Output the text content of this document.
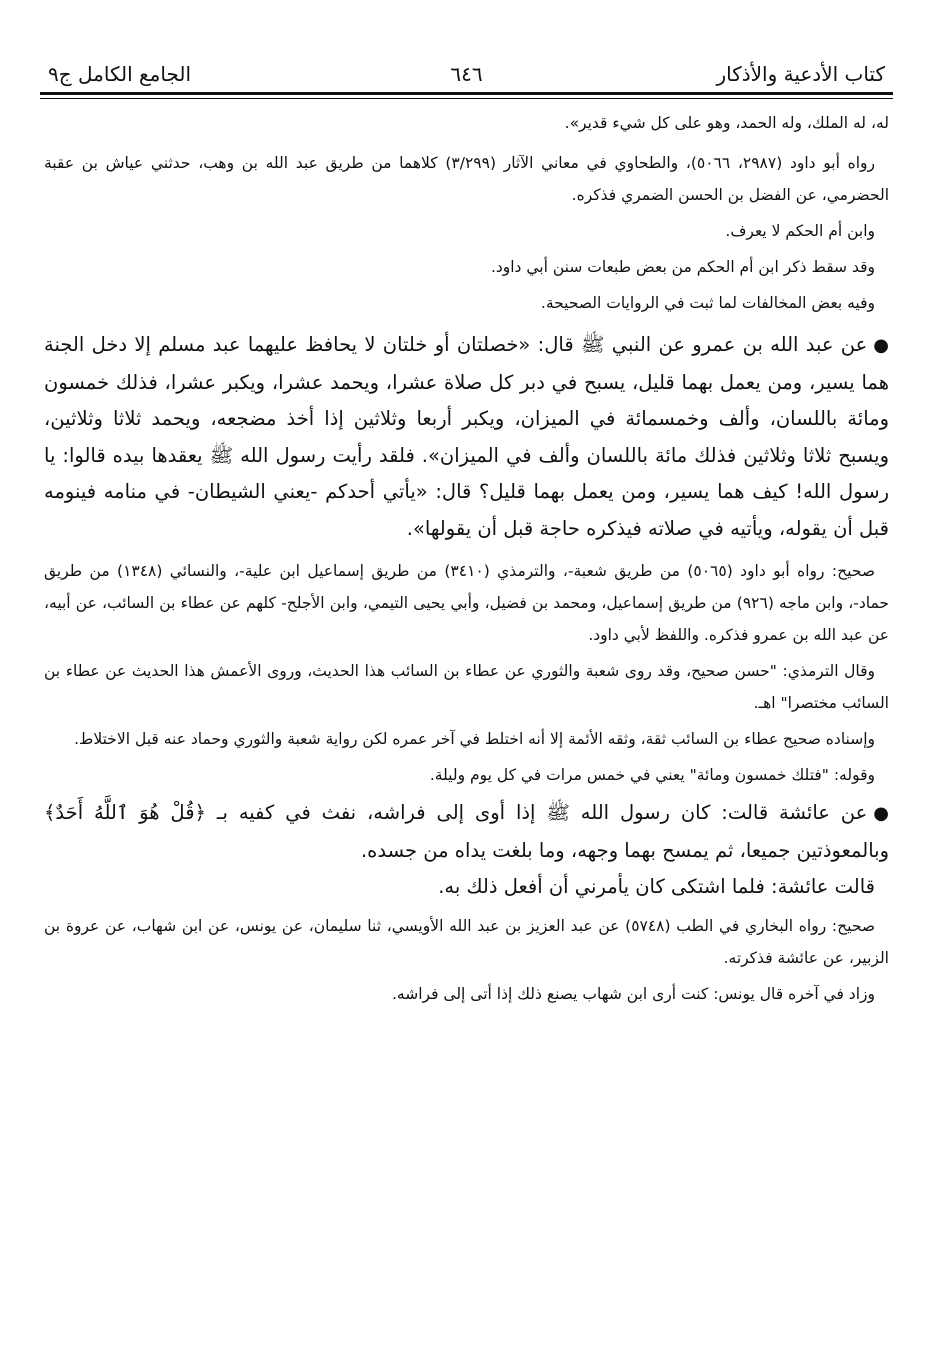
كتاب الأدعية والأذكار
٦٤٦
الجامع الكامل ج٩

له، له الملك، وله الحمد، وهو على كل شيء قدير».

رواه أبو داود (٢٩٨٧، ٥٠٦٦)، والطحاوي في معاني الآثار (٣/٢٩٩) كلاهما من طريق عبد الله بن وهب، حدثني عياش بن عقبة الحضرمي، عن الفضل بن الحسن الضمري فذكره.

وابن أم الحكم لا يعرف.

وقد سقط ذكر ابن أم الحكم من بعض طبعات سنن أبي داود.

وفيه بعض المخالفات لما ثبت في الروايات الصحيحة.

●عن عبد الله بن عمرو عن النبي ﷺ قال: «خصلتان أو خلتان لا يحافظ عليهما عبد مسلم إلا دخل الجنة هما يسير، ومن يعمل بهما قليل، يسبح في دبر كل صلاة عشرا، ويحمد عشرا، ويكبر عشرا، فذلك خمسون ومائة باللسان، وألف وخمسمائة في الميزان، ويكبر أربعا وثلاثين إذا أخذ مضجعه، ويحمد ثلاثا وثلاثين، ويسبح ثلاثا وثلاثين فذلك مائة باللسان وألف في الميزان». فلقد رأيت رسول الله ﷺ يعقدها بيده قالوا: يا رسول الله! كيف هما يسير، ومن يعمل بهما قليل؟ قال: «يأتي أحدكم -يعني الشيطان- في منامه فينومه قبل أن يقوله، ويأتيه في صلاته فيذكره حاجة قبل أن يقولها».

صحيح: رواه أبو داود (٥٠٦٥) من طريق شعبة-، والترمذي (٣٤١٠) من طريق إسماعيل ابن علية-، والنسائي (١٣٤٨) من طريق حماد-، وابن ماجه (٩٢٦) من طريق إسماعيل، ومحمد بن فضيل، وأبي يحيى التيمي، وابن الأجلح- كلهم عن عطاء بن السائب، عن أبيه، عن عبد الله بن عمرو فذكره. واللفظ لأبي داود.

وقال الترمذي: "حسن صحيح، وقد روى شعبة والثوري عن عطاء بن السائب هذا الحديث، وروى الأعمش هذا الحديث عن عطاء بن السائب مختصرا" اهـ.

وإسناده صحيح عطاء بن السائب ثقة، وثقه الأئمة إلا أنه اختلط في آخر عمره لكن رواية شعبة والثوري وحماد عنه قبل الاختلاط.

وقوله: "فتلك خمسون ومائة" يعني في خمس مرات في كل يوم وليلة.

●عن عائشة قالت: كان رسول الله ﷺ إذا أوى إلى فراشه، نفث في كفيه بـ ﴿قُلْ هُوَ ٱللَّهُ أَحَدٌ﴾ وبالمعوذتين جميعا، ثم يمسح بهما وجهه، وما بلغت يداه من جسده.

قالت عائشة: فلما اشتكى كان يأمرني أن أفعل ذلك به.

صحيح: رواه البخاري في الطب (٥٧٤٨) عن عبد العزيز بن عبد الله الأويسي، ثنا سليمان، عن يونس، عن ابن شهاب، عن عروة بن الزبير، عن عائشة فذكرته.

وزاد في آخره قال يونس: كنت أرى ابن شهاب يصنع ذلك إذا أتى إلى فراشه.
